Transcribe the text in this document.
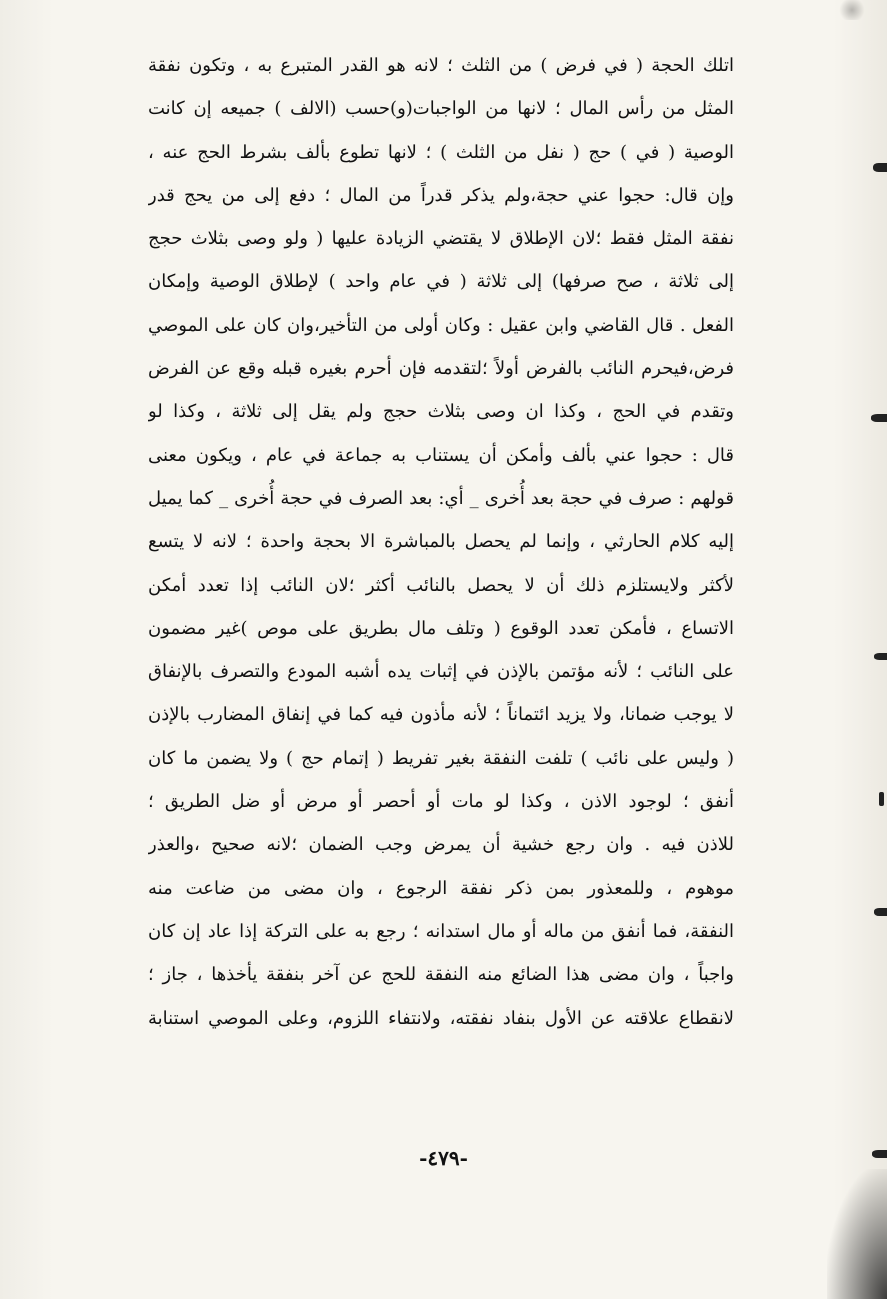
ﺍﺗﻠﻚ ﺍﻟﺤﺠﺔ ( ﻓﻲ ﻓﺮﺽ ) ﻣﻦ ﺍﻟﺜﻠﺚ ؛ ﻻﻧﻪ ﻫﻮ ﺍﻟﻘﺪﺭ ﺍﻟﻤﺘﺒﺮﻉ ﺑﻪ ، ﻭﺗﻜﻮﻥ ﻧﻔﻘﺔ
ﺍﻟﻤﺜﻞ ﻣﻦ ﺭﺃﺱ ﺍﻟﻤﺎﻝ ؛ ﻻﻧﻬﺎ ﻣﻦ ﺍﻟﻮﺍﺟﺒﺎﺕ(ﻭ)ﺣﺴﺐ (ﺍﻻﻟﻒ ) ﺟﻤﻴﻌﻪ ﺇﻥ ﻛﺎﻧﺖ
ﺍﻟﻮﺻﻴﺔ ( ﻓﻲ ) ﺣﺞ ( ﻧﻔﻞ ﻣﻦ ﺍﻟﺜﻠﺚ ) ؛ ﻻﻧﻬﺎ ﺗﻄﻮﻉ ﺑﺄﻟﻒ ﺑﺸﺮﻁ ﺍﻟﺤﺞ ﻋﻨﻪ ،
ﻭﺇﻥ ﻗﺎﻝ: ﺣﺠﻮﺍ ﻋﻨﻲ ﺣﺠﺔ،ﻭﻟﻢ ﻳﺬﻛﺮ ﻗﺪﺭﺍً ﻣﻦ ﺍﻟﻤﺎﻝ ؛ ﺩﻓﻊ ﺇﻟﻰ ﻣﻦ ﻳﺤﺞ ﻗﺪﺭ
ﻧﻔﻘﺔ ﺍﻟﻤﺜﻞ ﻓﻘﻂ ؛ﻻﻥ ﺍﻹﻃﻼﻕ ﻻ ﻳﻘﺘﻀﻲ ﺍﻟﺰﻳﺎﺩﺓ ﻋﻠﻴﻬﺎ ( ﻭﻟﻮ ﻭﺻﻰ ﺑﺜﻼﺙ ﺣﺠﺞ
ﺇﻟﻰ ﺛﻼﺛﺔ ، ﺻﺢ ﺻﺮﻓﻬﺎ) ﺇﻟﻰ ﺛﻼﺛﺔ ( ﻓﻲ ﻋﺎﻡ ﻭﺍﺣﺪ ) ﻹﻃﻼﻕ ﺍﻟﻮﺻﻴﺔ ﻭﺇﻣﻜﺎﻥ
ﺍﻟﻔﻌﻞ . ﻗﺎﻝ ﺍﻟﻘﺎﺿﻲ ﻭﺍﺑﻦ ﻋﻘﻴﻞ : ﻭﻛﺎﻥ ﺃﻭﻟﻰ ﻣﻦ ﺍﻟﺘﺄﺧﻴﺮ،ﻭﺍﻥ ﻛﺎﻥ ﻋﻠﻰ ﺍﻟﻤﻮﺻﻲ
ﻓﺮﺽ،ﻓﻴﺤﺮﻡ ﺍﻟﻨﺎﺋﺐ ﺑﺎﻟﻔﺮﺽ ﺃﻭﻻً ؛ﻟﺘﻘﺪﻣﻪ ﻓﺈﻥ ﺃﺣﺮﻡ ﺑﻐﻴﺮﻩ ﻗﺒﻠﻪ ﻭﻗﻊ ﻋﻦ ﺍﻟﻔﺮﺽ
ﻭﺗﻘﺪﻡ ﻓﻲ ﺍﻟﺤﺞ ، ﻭﻛﺬﺍ ﺍﻥ ﻭﺻﻰ ﺑﺜﻼﺙ ﺣﺠﺞ ﻭﻟﻢ ﻳﻘﻞ ﺇﻟﻰ ﺛﻼﺛﺔ ، ﻭﻛﺬﺍ ﻟﻮ
ﻗﺎﻝ : ﺣﺠﻮﺍ ﻋﻨﻲ ﺑﺄﻟﻒ ﻭﺃﻣﻜﻦ ﺃﻥ ﻳﺴﺘﻨﺎﺏ ﺑﻪ ﺟﻤﺎﻋﺔ ﻓﻲ ﻋﺎﻡ ، ﻭﻳﻜﻮﻥ ﻣﻌﻨﻰ
ﻗﻮﻟﻬﻢ : ﺻﺮﻑ ﻓﻲ ﺣﺠﺔ ﺑﻌﺪ ﺃُﺧﺮﻯ _ ﺃﻱ: ﺑﻌﺪ ﺍﻟﺼﺮﻑ ﻓﻲ ﺣﺠﺔ ﺃُﺧﺮﻯ _ ﻛﻤﺎ ﻳﻤﻴﻞ
ﺇﻟﻴﻪ ﻛﻼﻡ ﺍﻟﺤﺎﺭﺛﻲ ، ﻭﺇﻧﻤﺎ ﻟﻢ ﻳﺤﺼﻞ ﺑﺎﻟﻤﺒﺎﺷﺮﺓ ﺍﻻ ﺑﺤﺠﺔ ﻭﺍﺣﺪﺓ ؛ ﻻﻧﻪ ﻻ ﻳﺘﺴﻊ
ﻷﻛﺜﺮ ﻭﻻﻳﺴﺘﻠﺰﻡ ﺫﻟﻚ ﺃﻥ ﻻ ﻳﺤﺼﻞ ﺑﺎﻟﻨﺎﺋﺐ ﺃﻛﺜﺮ ؛ﻻﻥ ﺍﻟﻨﺎﺋﺐ ﺇﺫﺍ ﺗﻌﺪﺩ ﺃﻣﻜﻦ
ﺍﻻﺗﺴﺎﻉ ، ﻓﺄﻣﻜﻦ ﺗﻌﺪﺩ ﺍﻟﻮﻗﻮﻉ ( ﻭﺗﻠﻒ ﻣﺎﻝ ﺑﻄﺮﻳﻖ ﻋﻠﻰ ﻣﻮﺹ )ﻏﻴﺮ ﻣﻀﻤﻮﻥ
ﻋﻠﻰ ﺍﻟﻨﺎﺋﺐ ؛ ﻷﻧﻪ ﻣﺆﺗﻤﻦ ﺑﺎﻹﺫﻥ ﻓﻲ ﺇﺛﺒﺎﺕ ﻳﺪﻩ ﺃﺷﺒﻪ ﺍﻟﻤﻮﺩﻉ ﻭﺍﻟﺘﺼﺮﻑ ﺑﺎﻹﻧﻔﺎﻕ
ﻻ ﻳﻮﺟﺐ ﺿﻤﺎﻧﺎ، ﻭﻻ ﻳﺰﻳﺪ ﺍﺋﺘﻤﺎﻧﺎً ؛ ﻷﻧﻪ ﻣﺄﺫﻭﻥ ﻓﻴﻪ ﻛﻤﺎ ﻓﻲ ﺇﻧﻔﺎﻕ ﺍﻟﻤﻀﺎﺭﺏ ﺑﺎﻹﺫﻥ
( ﻭﻟﻴﺲ ﻋﻠﻰ ﻧﺎﺋﺐ ) ﺗﻠﻔﺖ ﺍﻟﻨﻔﻘﺔ ﺑﻐﻴﺮ ﺗﻔﺮﻳﻂ ( ﺇﺗﻤﺎﻡ ﺣﺞ ) ﻭﻻ ﻳﻀﻤﻦ ﻣﺎ ﻛﺎﻥ
ﺃﻧﻔﻖ ؛ ﻟﻮﺟﻮﺩ ﺍﻻﺫﻥ ، ﻭﻛﺬﺍ ﻟﻮ ﻣﺎﺕ ﺃﻭ ﺃﺣﺼﺮ ﺃﻭ ﻣﺮﺽ ﺃﻭ ﺿﻞ ﺍﻟﻄﺮﻳﻖ ؛
ﻟﻼﺫﻥ ﻓﻴﻪ . ﻭﺍﻥ ﺭﺟﻊ ﺧﺸﻴﺔ ﺃﻥ ﻳﻤﺮﺽ ﻭﺟﺐ ﺍﻟﻀﻤﺎﻥ ؛ﻻﻧﻪ ﺻﺤﻴﺢ ،ﻭﺍﻟﻌﺬﺭ
ﻣﻮﻫﻮﻡ ، ﻭﻟﻠﻤﻌﺬﻭﺭ ﺑﻤﻦ ﺫﻛﺮ ﻧﻔﻘﺔ ﺍﻟﺮﺟﻮﻉ ، ﻭﺍﻥ ﻣﻀﻰ ﻣﻦ ﺿﺎﻋﺖ ﻣﻨﻪ
ﺍﻟﻨﻔﻘﺔ، ﻓﻤﺎ ﺃﻧﻔﻖ ﻣﻦ ﻣﺎﻟﻪ ﺃﻭ ﻣﺎﻝ ﺍﺳﺘﺪﺍﻧﻪ ؛ ﺭﺟﻊ ﺑﻪ ﻋﻠﻰ ﺍﻟﺘﺮﻛﺔ ﺇﺫﺍ ﻋﺎﺩ ﺇﻥ ﻛﺎﻥ
ﻭﺍﺟﺒﺎً ، ﻭﺍﻥ ﻣﻀﻰ ﻫﺬﺍ ﺍﻟﻀﺎﺋﻊ ﻣﻨﻪ ﺍﻟﻨﻔﻘﺔ ﻟﻠﺤﺞ ﻋﻦ ﺁﺧﺮ ﺑﻨﻔﻘﺔ ﻳﺄﺧﺬﻫﺎ ، ﺟﺎﺯ ؛
ﻻﻧﻘﻄﺎﻉ ﻋﻼﻗﺘﻪ ﻋﻦ ﺍﻷﻭﻝ ﺑﻨﻔﺎﺩ ﻧﻔﻘﺘﻪ، ﻭﻻﻧﺘﻔﺎﺀ ﺍﻟﻠﺰﻭﻡ، ﻭﻋﻠﻰ ﺍﻟﻤﻮﺻﻲ ﺍﺳﺘﻨﺎﺑﺔ
-٤٧٩-
